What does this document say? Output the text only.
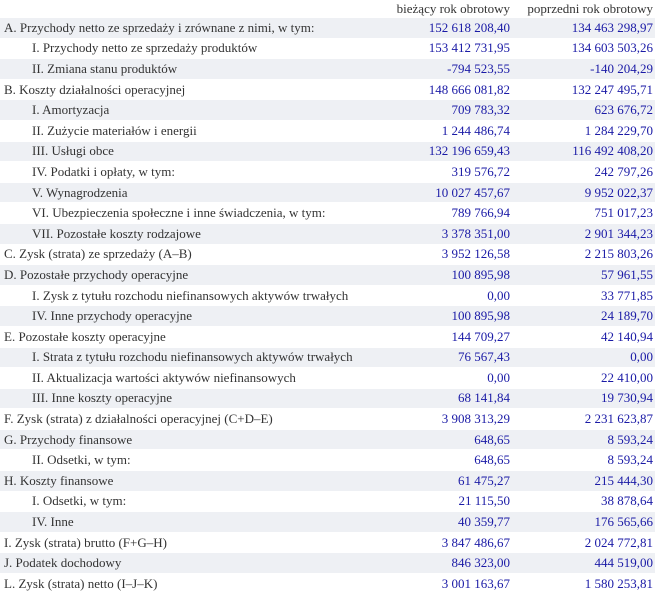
	bieżący rok obrotowy	poprzedni rok obrotowy
A. Przychody netto ze sprzedaży i zrównane z nimi, w tym:	152 618 208,40	134 463 298,97
I. Przychody netto ze sprzedaży produktów	153 412 731,95	134 603 503,26
II. Zmiana stanu produktów	-794 523,55	-140 204,29
B. Koszty działalności operacyjnej	148 666 081,82	132 247 495,71
I. Amortyzacja	709 783,32	623 676,72
II. Zużycie materiałów i energii	1 244 486,74	1 284 229,70
III. Usługi obce	132 196 659,43	116 492 408,20
IV. Podatki i opłaty, w tym:	319 576,72	242 797,26
V. Wynagrodzenia	10 027 457,67	9 952 022,37
VI. Ubezpieczenia społeczne i inne świadczenia, w tym:	789 766,94	751 017,23
VII. Pozostałe koszty rodzajowe	3 378 351,00	2 901 344,23
C. Zysk (strata) ze sprzedaży (A–B)	3 952 126,58	2 215 803,26
D. Pozostałe przychody operacyjne	100 895,98	57 961,55
I. Zysk z tytułu rozchodu niefinansowych aktywów trwałych	0,00	33 771,85
IV. Inne przychody operacyjne	100 895,98	24 189,70
E. Pozostałe koszty operacyjne	144 709,27	42 140,94
I. Strata z tytułu rozchodu niefinansowych aktywów trwałych	76 567,43	0,00
II. Aktualizacja wartości aktywów niefinansowych	0,00	22 410,00
III. Inne koszty operacyjne	68 141,84	19 730,94
F. Zysk (strata) z działalności operacyjnej (C+D–E)	3 908 313,29	2 231 623,87
G. Przychody finansowe	648,65	8 593,24
II. Odsetki, w tym:	648,65	8 593,24
H. Koszty finansowe	61 475,27	215 444,30
I. Odsetki, w tym:	21 115,50	38 878,64
IV. Inne	40 359,77	176 565,66
I. Zysk (strata) brutto (F+G–H)	3 847 486,67	2 024 772,81
J. Podatek dochodowy	846 323,00	444 519,00
L. Zysk (strata) netto (I–J–K)	3 001 163,67	1 580 253,81
